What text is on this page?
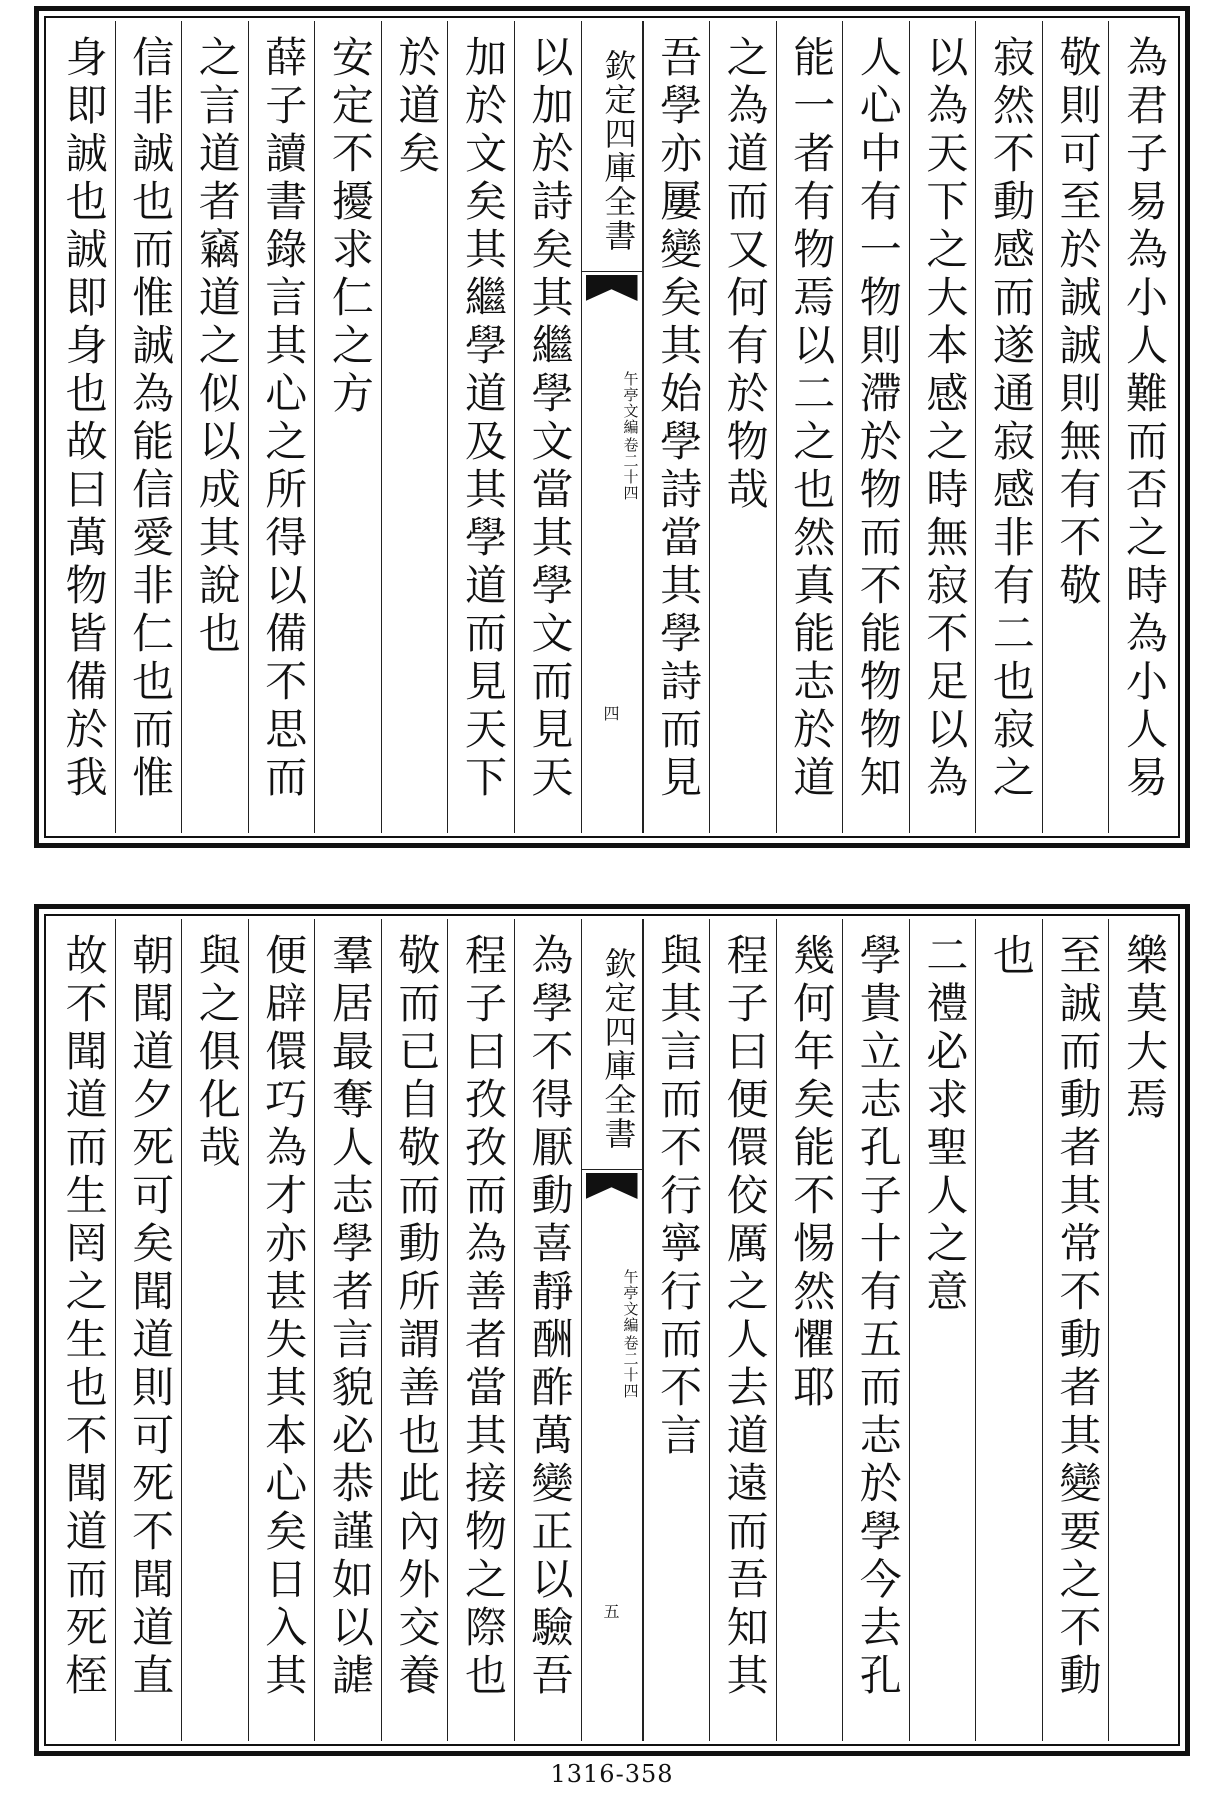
為君子易為小人難而否之時為小人易
敬則可至於誠誠則無有不敬
寂然不動感而遂通寂感非有二也寂之
以為天下之大本感之時無寂不足以為
人心中有一物則滯於物而不能物物知
能一者有物焉以二之也然真能志於道
之為道而又何有於物哉
吾學亦屢變矣其始學詩當其學詩而見
欽定四庫全書
午亭文編
卷二十四
四
以加於詩矣其繼學文當其學文而見天
加於文矣其繼學道及其學道而見天下
於道矣
安定不擾求仁之方
薛子讀書錄言其心之所得以備不思而
之言道者竊道之似以成其說也
信非誠也而惟誠為能信愛非仁也而惟
身即誠也誠即身也故曰萬物皆備於我
樂莫大焉
至誠而動者其常不動者其變要之不動
也
二禮必求聖人之意
學貴立志孔子十有五而志於學今去孔
幾何年矣能不惕然懼耶
程子曰便儇佼厲之人去道遠而吾知其
與其言而不行寧行而不言
欽定四庫全書
午亭文編
卷二十四
五
為學不得厭動喜靜酬酢萬變正以驗吾
程子曰孜孜而為善者當其接物之際也
敬而已自敬而動所謂善也此內外交養
羣居最奪人志學者言貌必恭謹如以謔
便辟儇巧為才亦甚失其本心矣日入其
與之俱化哉
朝聞道夕死可矣聞道則可死不聞道直
故不聞道而生罔之生也不聞道而死桎
1316-358
